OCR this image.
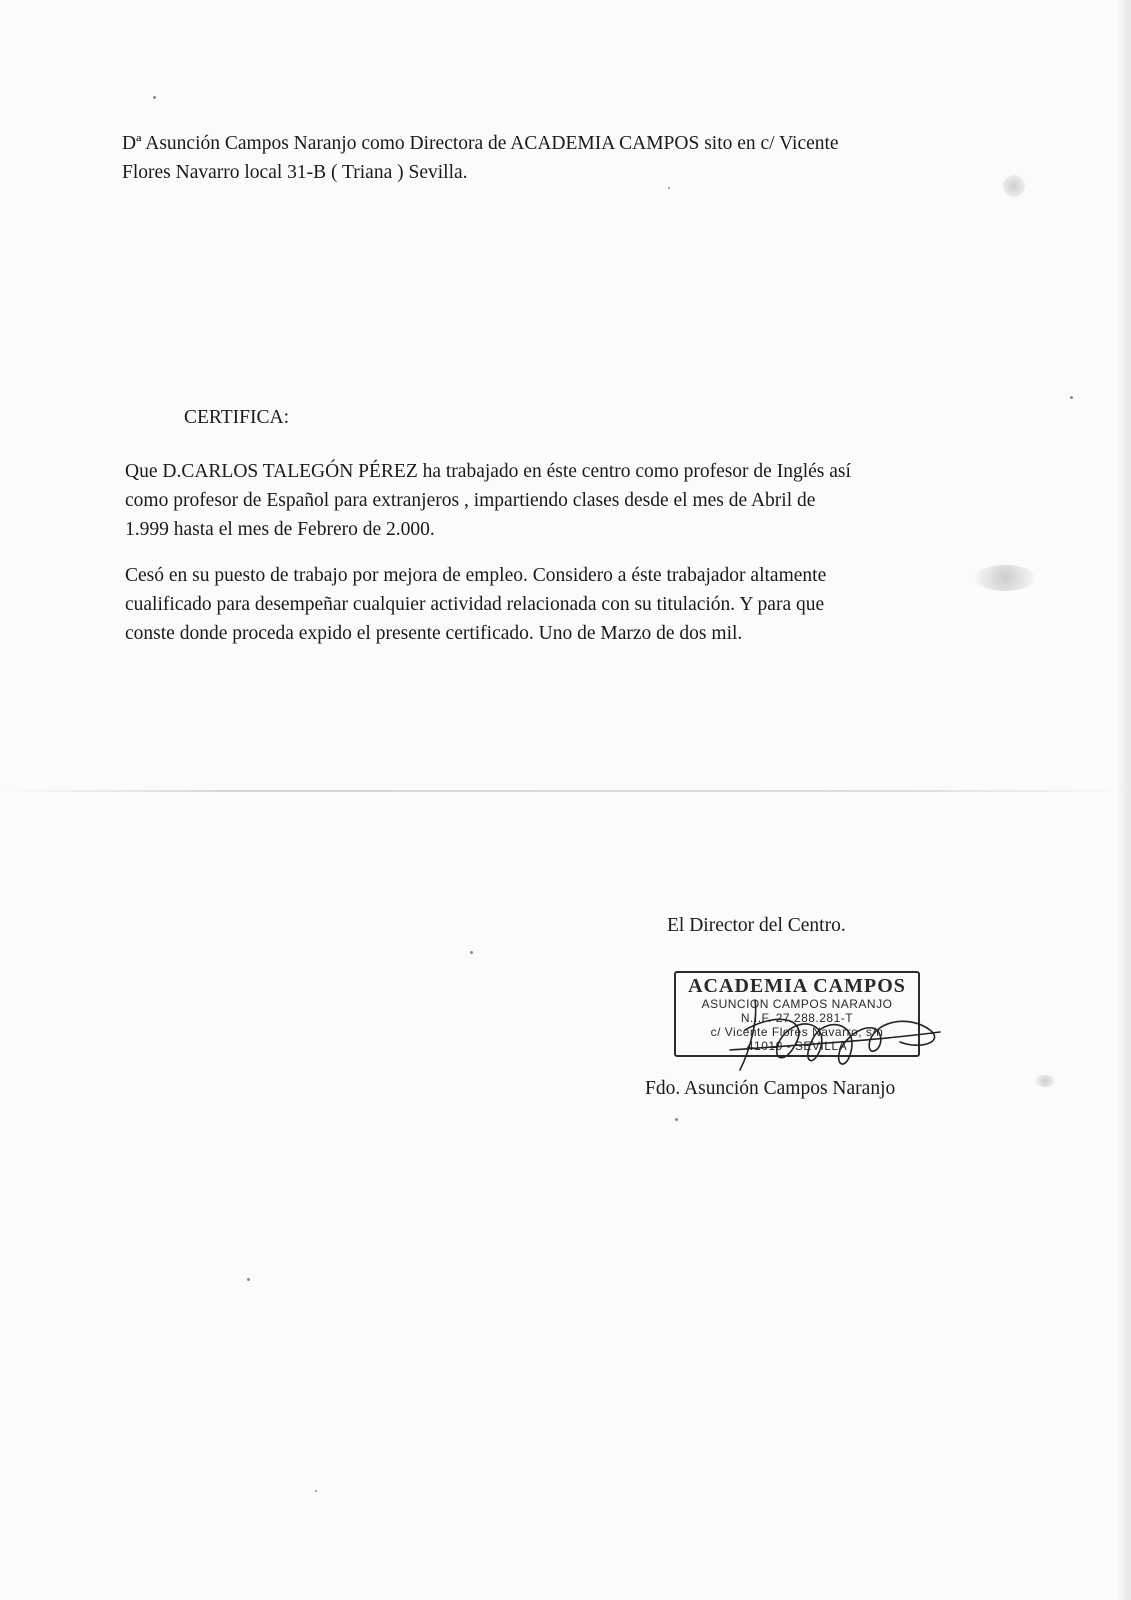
Dª Asunción Campos Naranjo como Directora de ACADEMIA CAMPOS sito en c/ Vicente
Flores Navarro local 31-B ( Triana ) Sevilla.

CERTIFICA:

Que D.CARLOS TALEGÓN PÉREZ ha trabajado en éste centro como profesor de Inglés así
como profesor de Español para extranjeros , impartiendo clases desde el mes de Abril de
1.999 hasta el mes de Febrero de 2.000.

Cesó en su puesto de trabajo por mejora de empleo. Considero a éste trabajador altamente
cualificado para desempeñar cualquier actividad relacionada con su titulación. Y para que
conste donde proceda expido el presente certificado. Uno de Marzo de dos mil.

El Director del Centro.

ACADEMIA CAMPOS
ASUNCION CAMPOS NARANJO
N.I.F. 27.288.281-T
c/ Vicente Flores Navarro, s/n
41010 - SEVILLA

Fdo. Asunción Campos Naranjo
